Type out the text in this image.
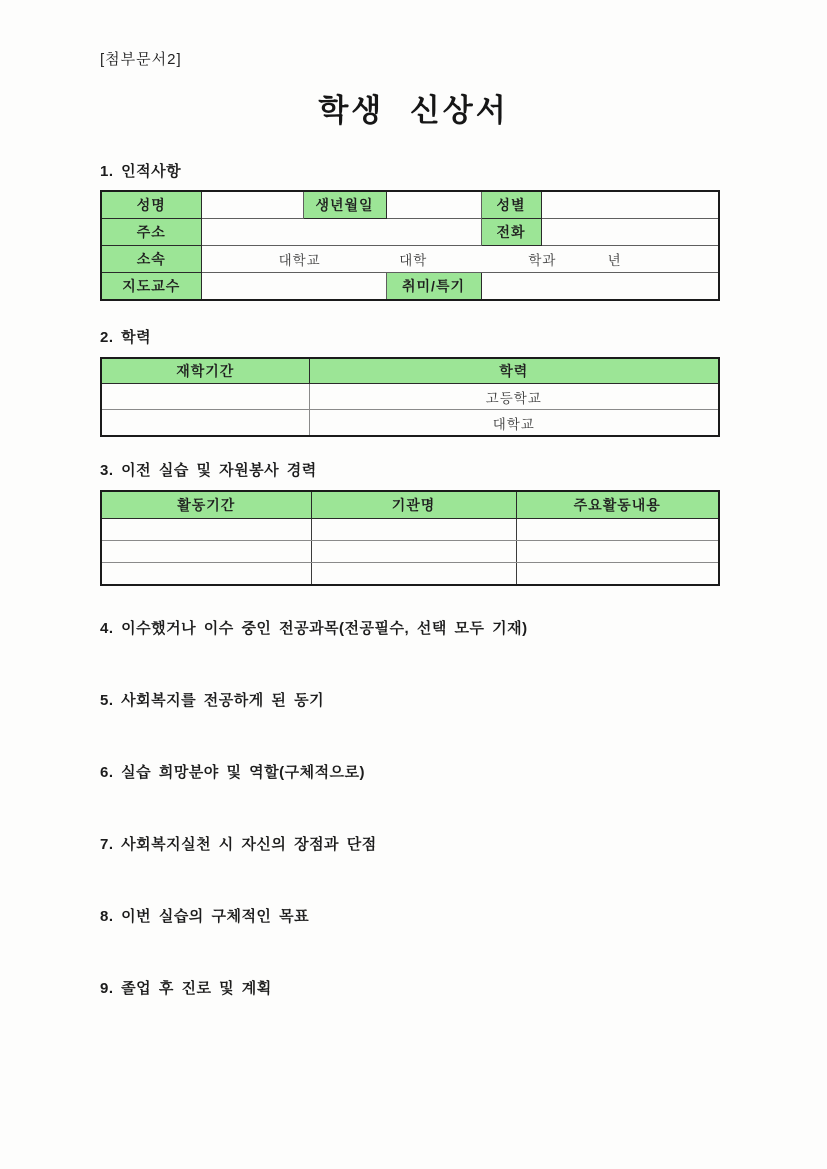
[첨부문서2]
학생 신상서
1. 인적사항
성명		생년월일		성별	
주소				전화	
소속	대학교 대학 학과 년				

지도교수			취미/특기		
2. 학력
재학기간	학력
	고등학교
	대학교
3. 이전 실습 및 자원봉사 경력
활동기간	기관명	주요활동내용

4. 이수했거나 이수 중인 전공과목(전공필수, 선택 모두 기재)
5. 사회복지를 전공하게 된 동기
6. 실습 희망분야 및 역할(구체적으로)
7. 사회복지실천 시 자신의 장점과 단점
8. 이번 실습의 구체적인 목표
9. 졸업 후 진로 및 계획
